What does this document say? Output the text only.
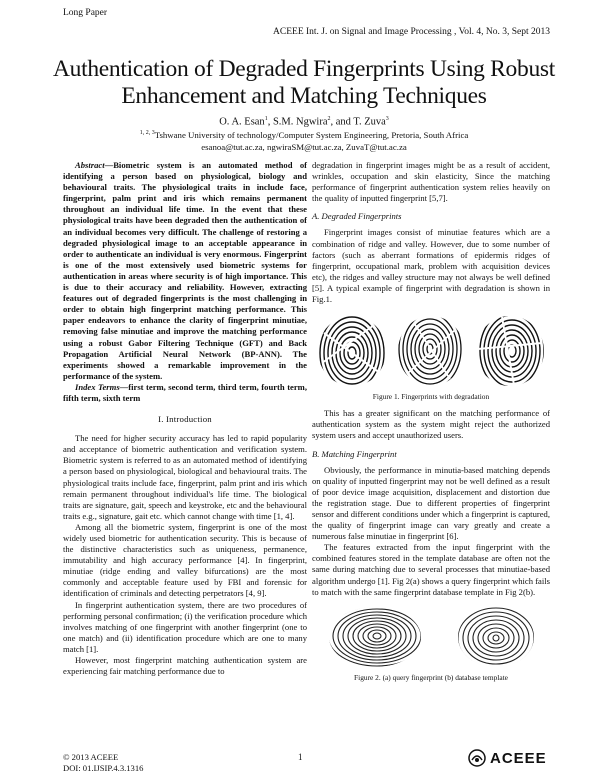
Long Paper
ACEEE Int. J. on Signal and Image Processing , Vol. 4, No. 3, Sept 2013
Authentication of Degraded Fingerprints Using Robust
Enhancement and Matching Techniques
O. A. Esan$^1$, S.M. Ngwira$^2$, and T. Zuva$^3$
$^{1, 2, 3}$Tshwane University of technology/Computer System Engineering, Pretoria, South Africa
esanoa@tut.ac.za, ngwiraSM@tut.ac.za, ZuvaT@tut.ac.za

Abstract—Biometric system is an automated method of identifying a person based on physiological, biology and behavioural traits. The physiological traits in include face, fingerprint, palm print and iris which remains permanent throughout an individual life time. In the event that these physiological traits have been degraded then the authentication of an individual becomes very difficult. The challenge of restoring a degraded physiological image to an acceptable appearance in order to authenticate an individual is very enormous. Fingerprint is one of the most extensively used biometric systems for authentication in areas where security is of high importance. This is due to their accuracy and reliability. However, extracting features out of degraded fingerprints is the most challenging in order to obtain high fingerprint matching performance. This paper endeavors to enhance the clarity of fingerprint minutiae, removing false minutiae and improve the matching performance using a robust Gabor Filtering Technique (GFT) and Back Propagation Artificial Neural Network (BP-ANN). The experiments showed a remarkable improvement in the performance of the system.

Index Terms—first term, second term, third term, fourth term, fifth term, sixth term

I. Introduction

The need for higher security accuracy has led to rapid popularity and acceptance of biometric authentication and verification system. Biometric system is referred to as an automated method of identifying a person based on physiological, biological and behavioural traits. The physiological traits include face, fingerprint, palm print and iris which remain permanent throughout individual's life time. The biological traits are signature, gait, speech and keystroke, etc and the behavioural traits e.g., signature, gait etc. which cannot change with time [1, 4].

Among all the biometric system, fingerprint is one of the most widely used biometric for authentication security. This is because of the distinctive characteristics such as uniqueness, permanence, immutability and high accuracy performance [4]. In fingerprint, minutiae (ridge ending and valley bifurcations) are the most commonly and acceptable feature used by FBI and forensic for identification of criminals and detecting perpetrators [4, 9].

In fingerprint authentication system, there are two procedures of performing personal confirmation; (i) the verification procedure which involves matching of one fingerprint with another fingerprint (one to one match) and (ii) identification procedure which are one to many match [1].

However, most fingerprint matching authentication system are experiencing fair matching performance due to

degradation in fingerprint images might be as a result of accident, wrinkles, occupation and skin elasticity, Since the matching performance of fingerprint authentication system relies heavily on the quality of inputted fingerprint [5,7].

A. Degraded Fingerprints

Fingerprint images consist of minutiae features which are a combination of ridge and valley. However, due to some number of factors (such as aberrant formations of epidermis ridges of fingerprint, occupational mark, problem with acquisition devices etc), the ridges and valley structure may not always be well defined [5]. A typical example of fingerprint with degradation is shown in Fig.1.

Figure 1. Fingerprints with degradation

This has a greater significant on the matching performance of authentication system as the system might reject the authorized system users and accept unauthorized users.

B. Matching Fingerprint

Obviously, the performance in minutia-based matching depends on quality of inputted fingerprint may not be well defined as a result of poor device image acquisition, displacement and distortion due the registration stage. Due to different properties of fingerprint sensor and different conditions under which a fingerprint is captured, the quality of fingerprint image can vary greatly and create a numerous false minutiae in fingerprint [6].

The features extracted from the input fingerprint with the combined features stored in the template database are often not the same during matching due to several processes that minutiae-based algorithm undergo [1]. Fig 2(a) shows a query fingerprint which fails to match with the same fingerprint database template in Fig 2(b).

Figure 2. (a) query fingerprint (b) database template
© 2013 ACEEE
DOI: 01.IJSIP.4.3.1316
1	ACEEE
